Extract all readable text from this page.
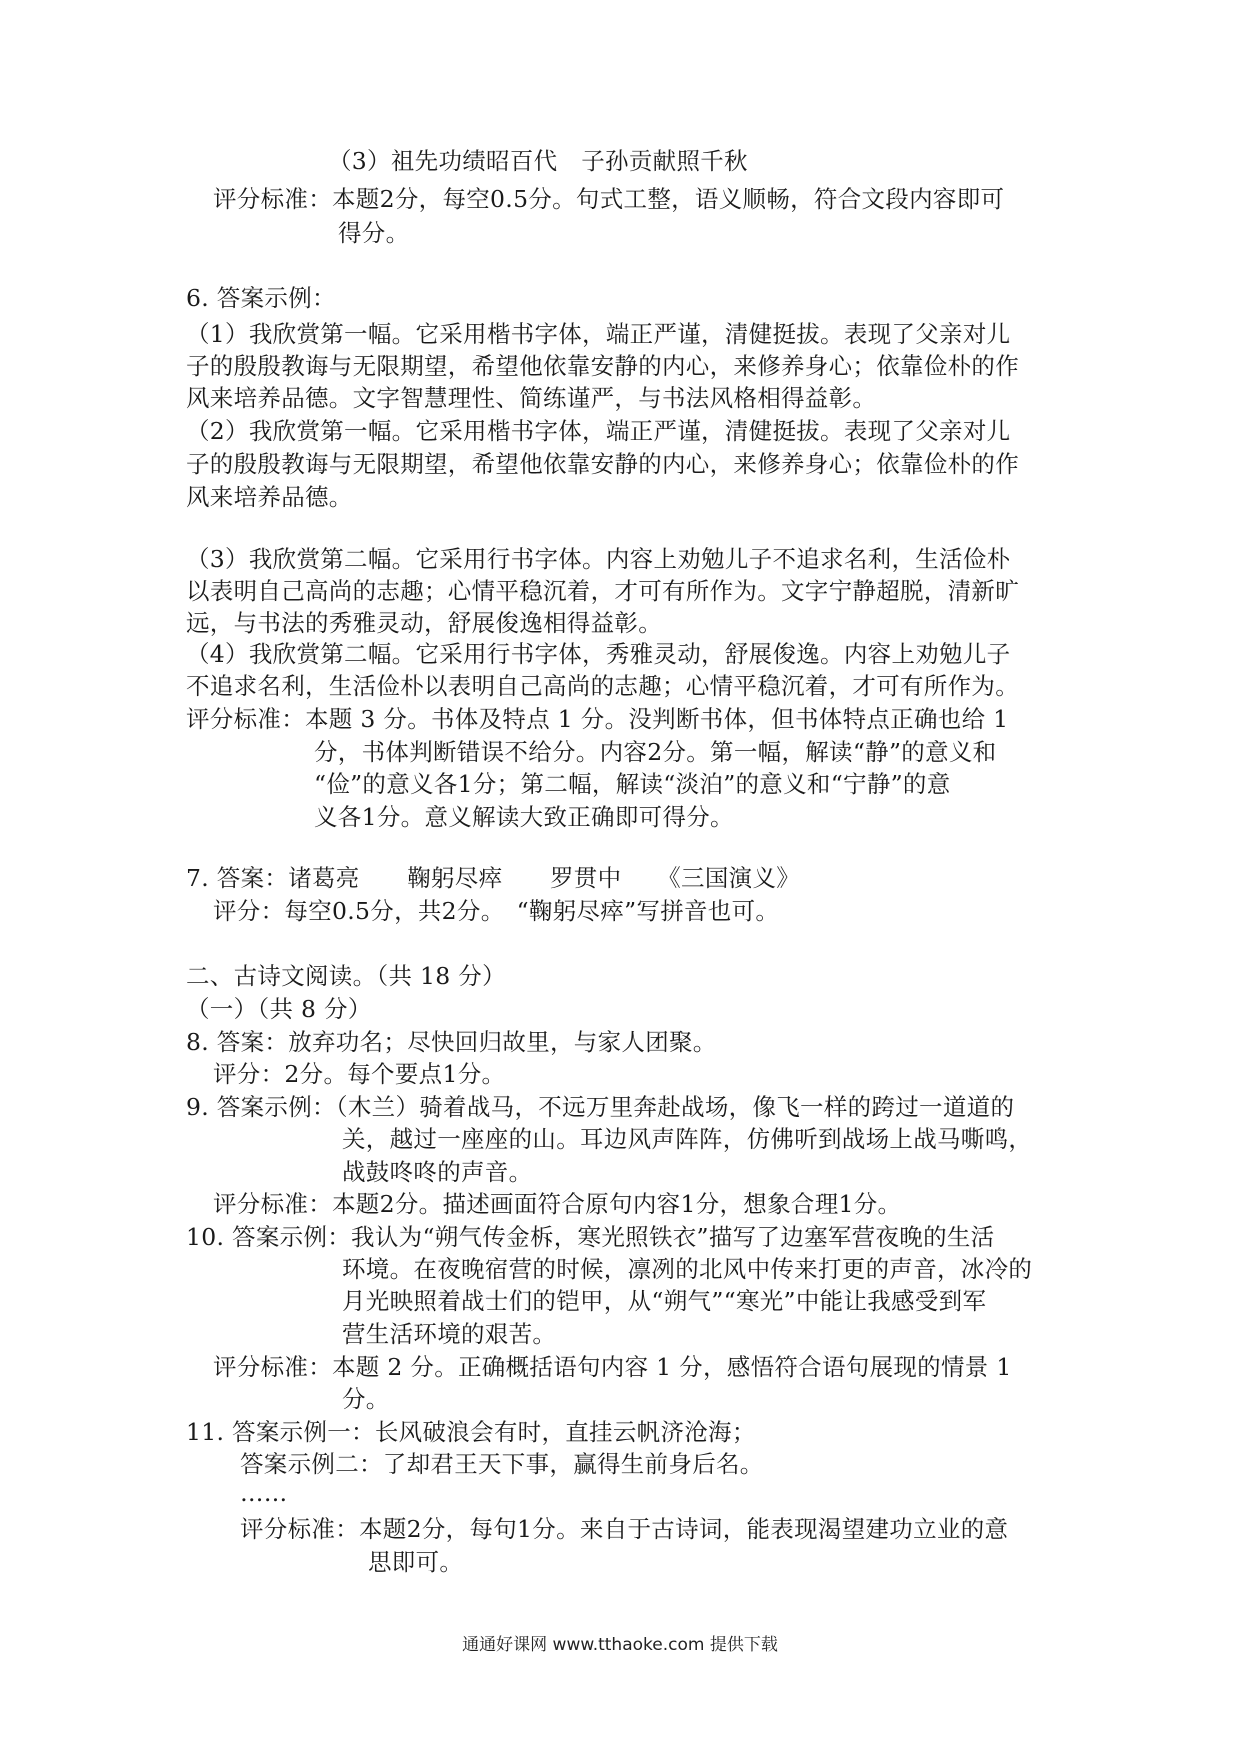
（3）祖先功绩昭百代　子孙贡献照千秋
评分标准：本题2分，每空0.5分。句式工整，语义顺畅，符合文段内容即可
得分。
6. 答案示例：
（1）我欣赏第一幅。它采用楷书字体，端正严谨，清健挺拔。表现了父亲对儿
子的殷殷教诲与无限期望，希望他依靠安静的内心，来修养身心；依靠俭朴的作
风来培养品德。文字智慧理性、简练谨严，与书法风格相得益彰。
（2）我欣赏第一幅。它采用楷书字体，端正严谨，清健挺拔。表现了父亲对儿
子的殷殷教诲与无限期望，希望他依靠安静的内心，来修养身心；依靠俭朴的作
风来培养品德。
（3）我欣赏第二幅。它采用行书字体。内容上劝勉儿子不追求名利，生活俭朴
以表明自己高尚的志趣；心情平稳沉着，才可有所作为。文字宁静超脱，清新旷
远，与书法的秀雅灵动，舒展俊逸相得益彰。
（4）我欣赏第二幅。它采用行书字体，秀雅灵动，舒展俊逸。内容上劝勉儿子
不追求名利，生活俭朴以表明自己高尚的志趣；心情平稳沉着，才可有所作为。
评分标准：本题 3 分。书体及特点 1 分。没判断书体，但书体特点正确也给 1
分，书体判断错误不给分。内容2分。第一幅，解读“静”的意义和
“俭”的意义各1分；第二幅，解读“淡泊”的意义和“宁静”的意
义各1分。意义解读大致正确即可得分。
7. 答案：诸葛亮　　鞠躬尽瘁　　罗贯中　　《三国演义》
评分：每空0.5分，共2分。　“鞠躬尽瘁”写拼音也可。
二、古诗文阅读。（共 18 分）
（一）（共 8 分）
8. 答案：放弃功名；尽快回归故里，与家人团聚。
评分：2分。每个要点1分。
9. 答案示例：（木兰）骑着战马，不远万里奔赴战场，像飞一样的跨过一道道的
关，越过一座座的山。耳边风声阵阵，仿佛听到战场上战马嘶鸣，
战鼓咚咚的声音。
评分标准：本题2分。描述画面符合原句内容1分，想象合理1分。
10. 答案示例：我认为“朔气传金柝，寒光照铁衣”描写了边塞军营夜晚的生活
环境。在夜晚宿营的时候，凛冽的北风中传来打更的声音，冰冷的
月光映照着战士们的铠甲，从“朔气”“寒光”中能让我感受到军
营生活环境的艰苦。
评分标准：本题 2 分。正确概括语句内容 1 分，感悟符合语句展现的情景 1
分。
11. 答案示例一：长风破浪会有时，直挂云帆济沧海；
答案示例二：了却君王天下事，赢得生前身后名。
……
评分标准：本题2分，每句1分。来自于古诗词，能表现渴望建功立业的意
思即可。
通通好课网 www.tthaoke.com 提供下载
